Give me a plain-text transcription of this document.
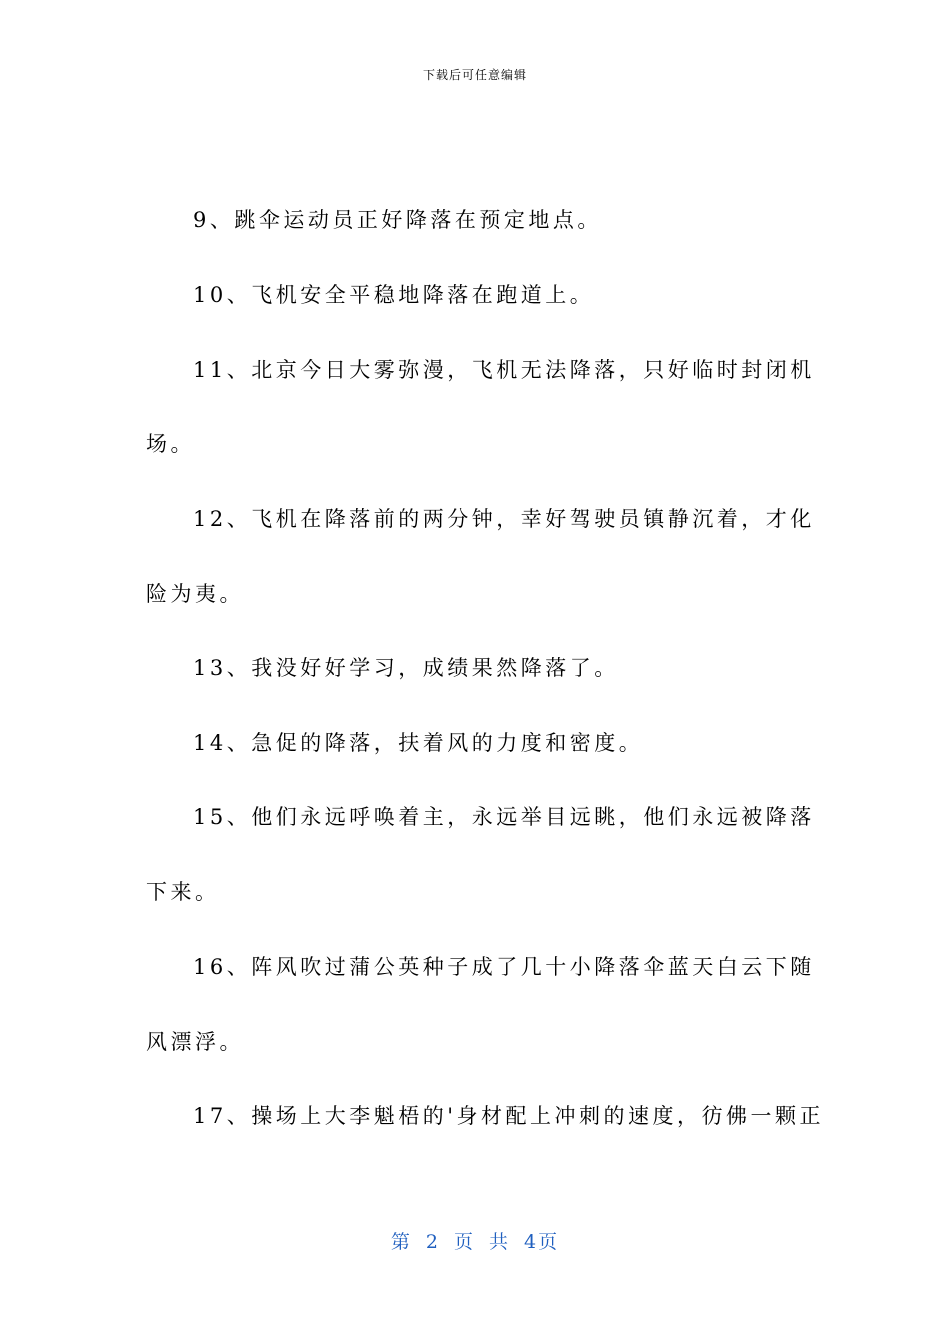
下载后可任意编辑
9、跳伞运动员正好降落在预定地点。
10、飞机安全平稳地降落在跑道上。
11、北京今日大雾弥漫，飞机无法降落，只好临时封闭机
场。
12、飞机在降落前的两分钟，幸好驾驶员镇静沉着，才化
险为夷。
13、我没好好学习，成绩果然降落了。
14、急促的降落，扶着风的力度和密度。
15、他们永远呼唤着主，永远举目远眺，他们永远被降落
下来。
16、阵风吹过蒲公英种子成了几十小降落伞蓝天白云下随
风漂浮。
17、操场上大李魁梧的'身材配上冲刺的速度，彷佛一颗正
第 2 页 共 4页
